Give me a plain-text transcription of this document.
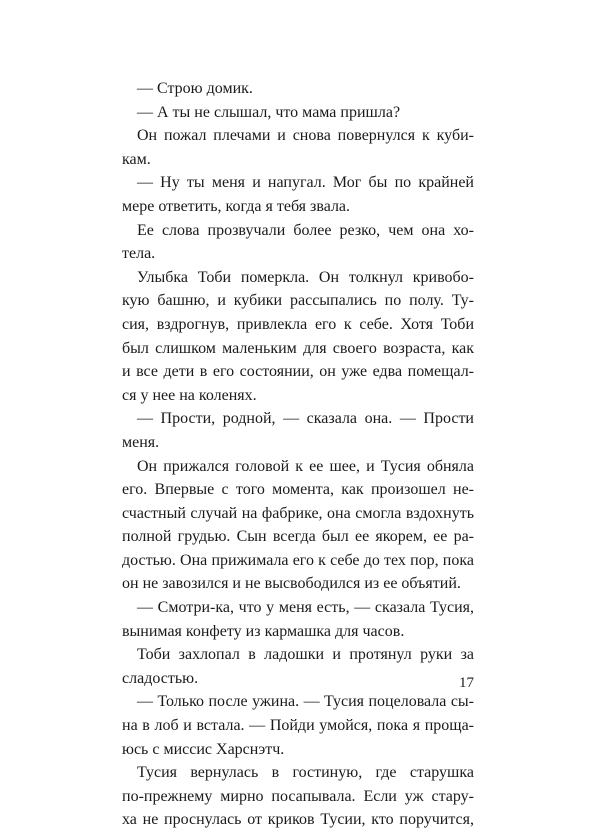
— Строю домик.
— А ты не слышал, что мама пришла?
Он пожал плечами и снова повернулся к куби-
кам.
— Ну ты меня и напугал. Мог бы по крайней
мере ответить, когда я тебя звала.
Ее слова прозвучали более резко, чем она хо-
тела.
Улыбка Тоби померкла. Он толкнул кривобо-
кую башню, и кубики рассыпались по полу. Ту-
сия, вздрогнув, привлекла его к себе. Хотя Тоби
был слишком маленьким для своего возраста, как
и все дети в его состоянии, он уже едва помещал-
ся у нее на коленях.
— Прости, родной, — сказала она. — Прости
меня.
Он прижался головой к ее шее, и Тусия обняла
его. Впервые с того момента, как произошел не-
счастный случай на фабрике, она смогла вздохнуть
полной грудью. Сын всегда был ее якорем, ее ра-
достью. Она прижимала его к себе до тех пор, пока
он не завозился и не высвободился из ее объятий.
— Смотри-ка, что у меня есть, — сказала Тусия,
вынимая конфету из кармашка для часов.
Тоби захлопал в ладошки и протянул руки за
сладостью.
— Только после ужина. — Тусия поцеловала сы-
на в лоб и встала. — Пойди умойся, пока я проща-
юсь с миссис Харснэтч.
Тусия вернулась в гостиную, где старушка
по-прежнему мирно посапывала. Если уж стару-
ха не проснулась от криков Тусии, кто поручится,
17
